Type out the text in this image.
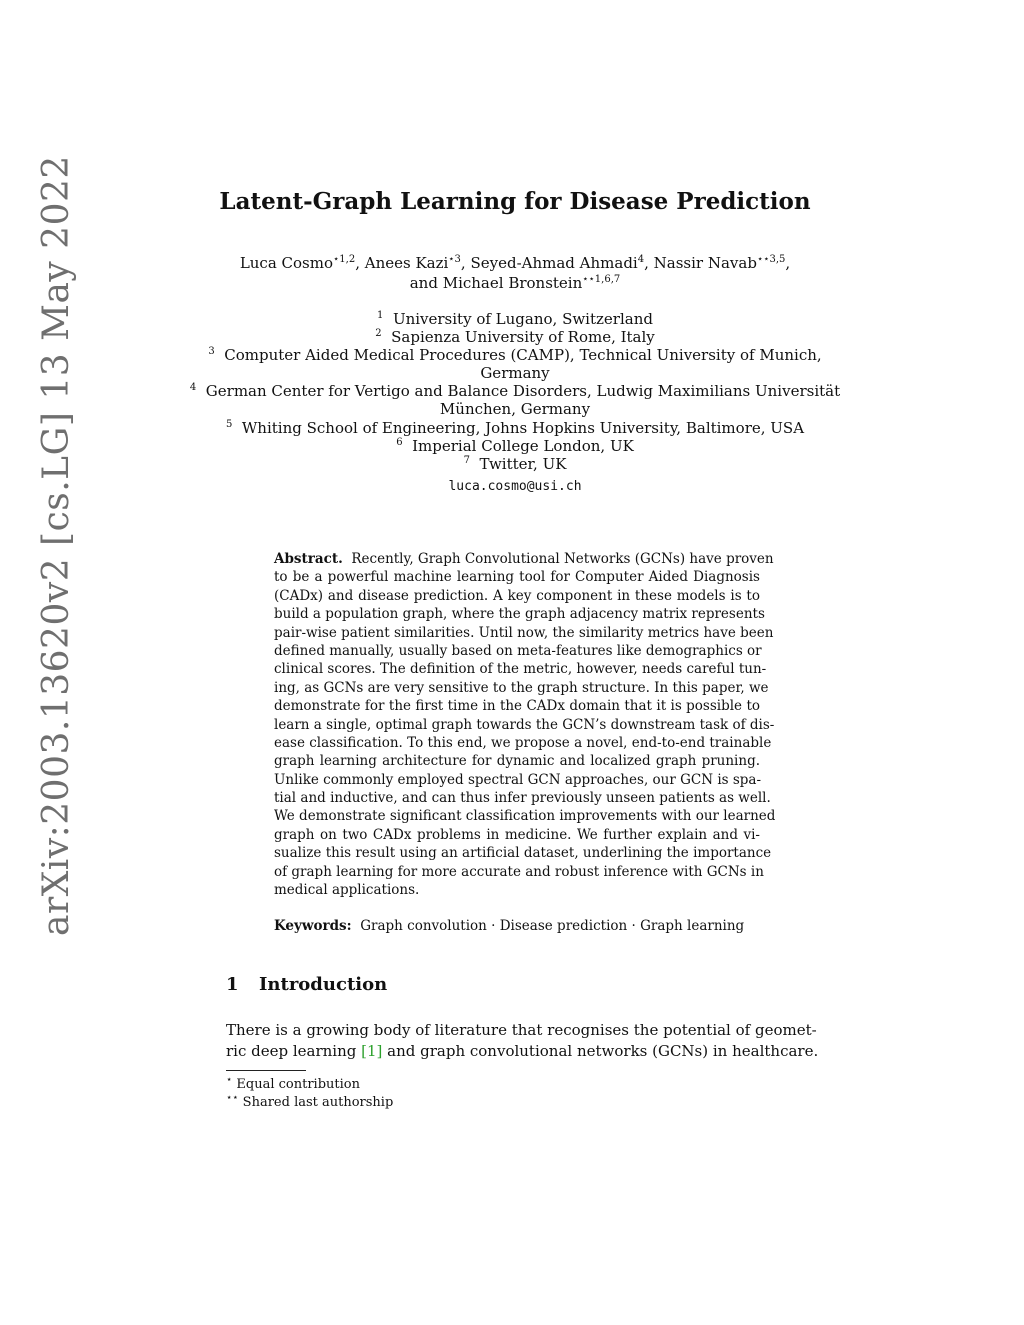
arXiv:2003.13620v2 [cs.LG] 13 May 2022	Latent-Graph Learning for Disease Prediction
Luca Cosmo$^{⋆1,2}$, Anees Kazi$^{⋆3}$, Seyed-Ahmad Ahmadi$^4$, Nassir Navab$^{⋆⋆3,5}$,
and Michael Bronstein$^{⋆⋆1,6,7}$
$^1$ University of Lugano, Switzerland
$^2$ Sapienza University of Rome, Italy
$^3$ Computer Aided Medical Procedures (CAMP), Technical University of Munich,
Germany
$^4$ German Center for Vertigo and Balance Disorders, Ludwig Maximilians Universität
München, Germany
$^5$ Whiting School of Engineering, Johns Hopkins University, Baltimore, USA
$^6$ Imperial College London, UK
$^7$ Twitter, UK
luca.cosmo@usi.ch
Abstract. Recently, Graph Convolutional Networks (GCNs) have proven
to be a powerful machine learning tool for Computer Aided Diagnosis
(CADx) and disease prediction. A key component in these models is to
build a population graph, where the graph adjacency matrix represents
pair-wise patient similarities. Until now, the similarity metrics have been
defined manually, usually based on meta-features like demographics or
clinical scores. The definition of the metric, however, needs careful tun-
ing, as GCNs are very sensitive to the graph structure. In this paper, we
demonstrate for the first time in the CADx domain that it is possible to
learn a single, optimal graph towards the GCN’s downstream task of dis-
ease classification. To this end, we propose a novel, end-to-end trainable
graph learning architecture for dynamic and localized graph pruning.
Unlike commonly employed spectral GCN approaches, our GCN is spa-
tial and inductive, and can thus infer previously unseen patients as well.
We demonstrate significant classification improvements with our learned
graph on two CADx problems in medicine. We further explain and vi-
sualize this result using an artificial dataset, underlining the importance
of graph learning for more accurate and robust inference with GCNs in
medical applications.
Keywords: Graph convolution · Disease prediction · Graph learning
1 Introduction
There is a growing body of literature that recognises the potential of geomet-
ric deep learning [1] and graph convolutional networks (GCNs) in healthcare.
⋆ Equal contribution
⋆⋆ Shared last authorship
